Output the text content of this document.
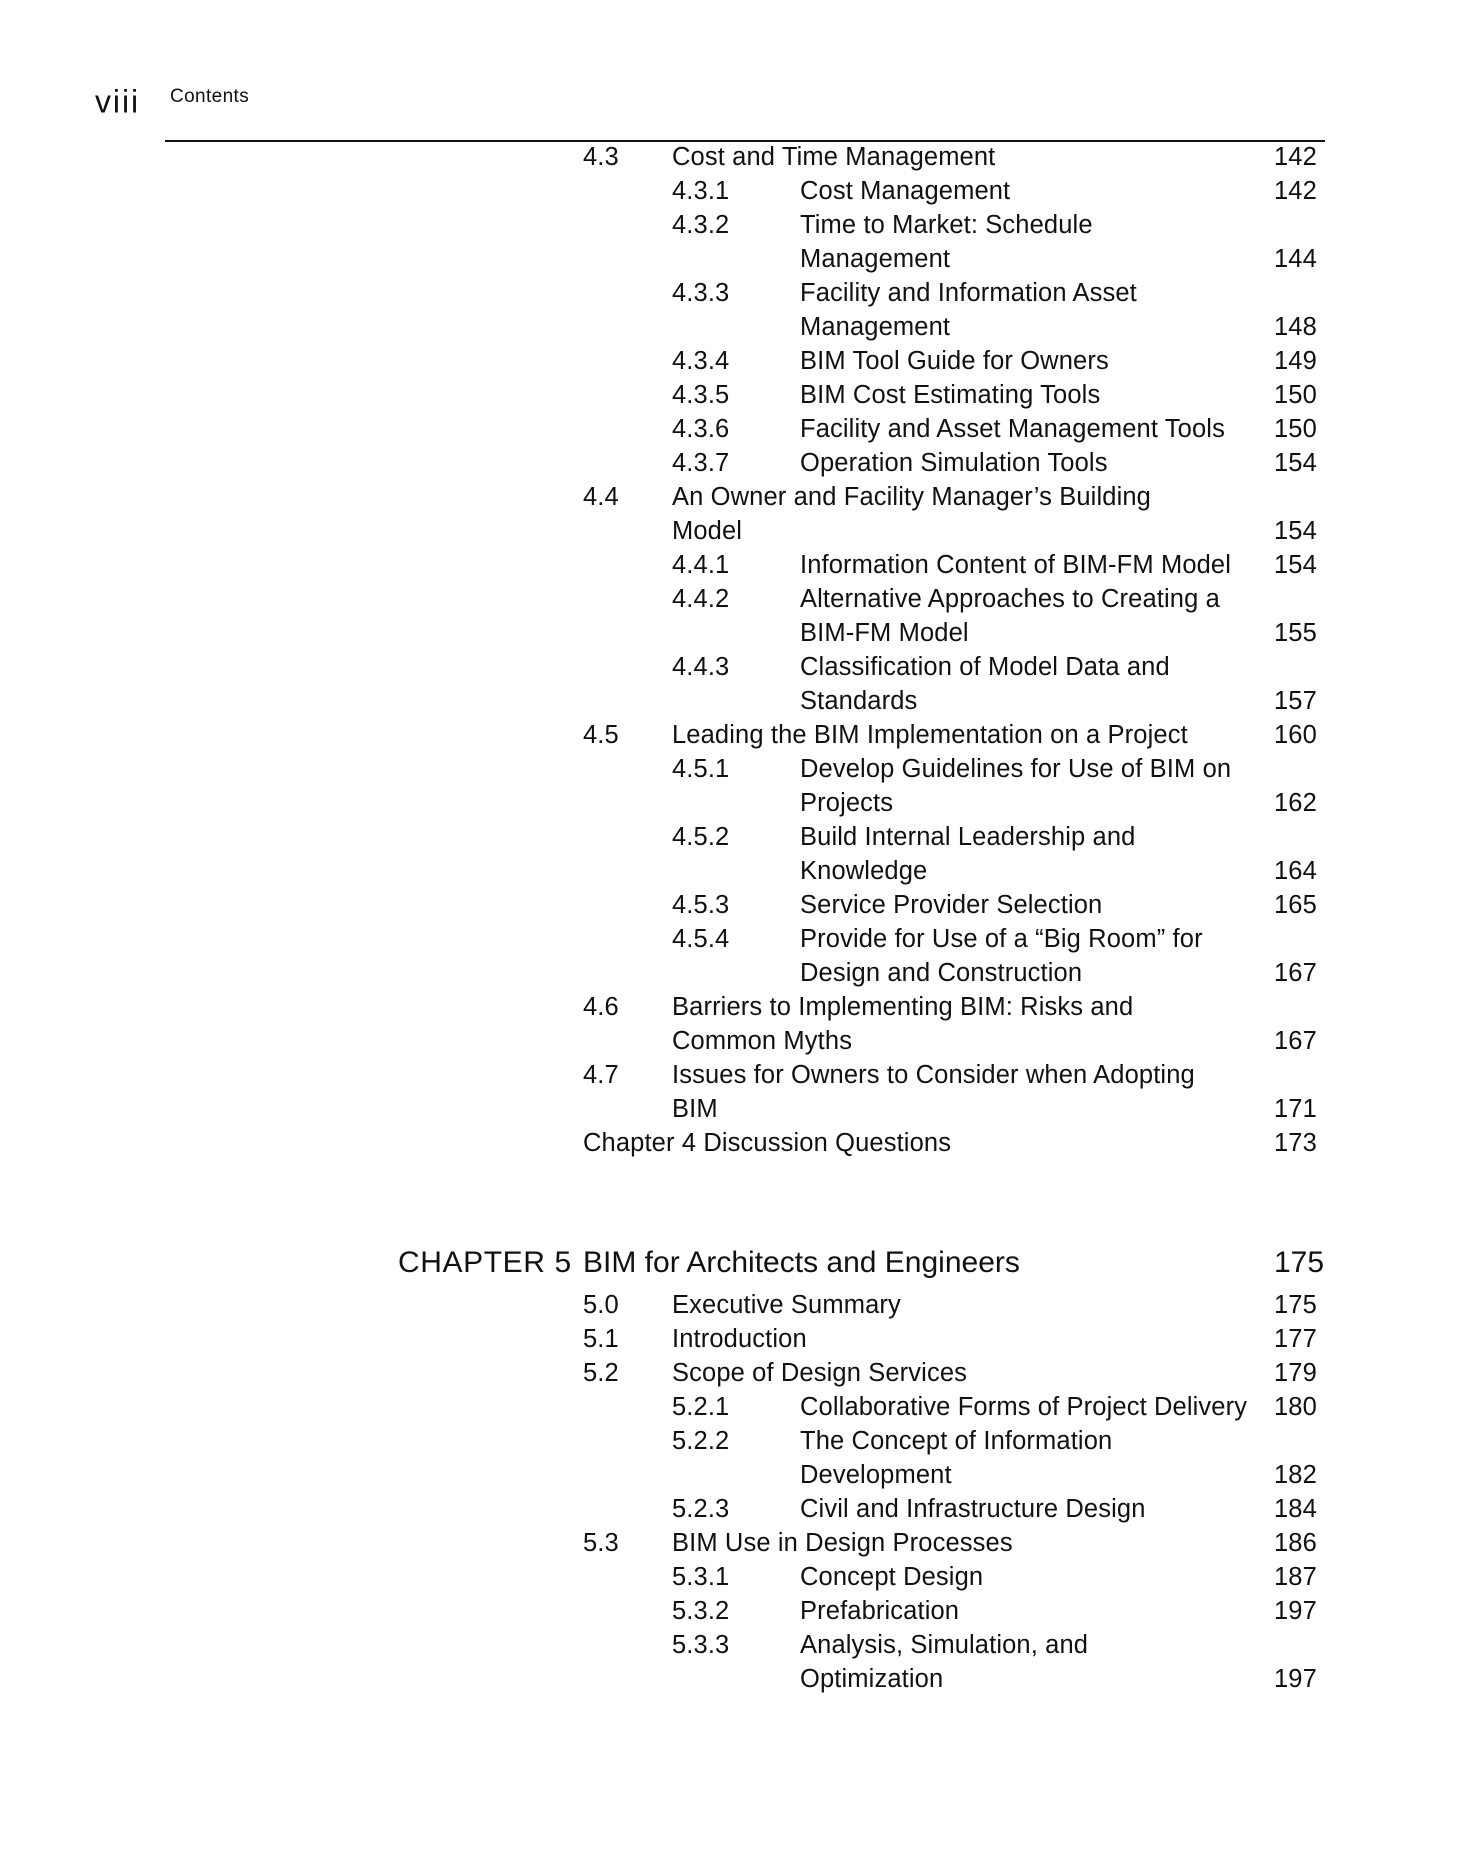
viii Contents
4.3 Cost and Time Management	142
4.3.1	Cost Management	142
4.3.2	Time to Market: Schedule
Management	144
4.3.3	Facility and Information Asset
Management	148
4.3.4	BIM Tool Guide for Owners	149
4.3.5	BIM Cost Estimating Tools	150
4.3.6	Facility and Asset Management Tools 150
4.3.7	Operation Simulation Tools	154
4.4 An Owner and Facility Manager’s Building
Model	154
4.4.1	Information Content of BIM-FM Model 154
4.4.2	Alternative Approaches to Creating a
BIM-FM Model	155
4.4.3	Classification of Model Data and
Standards	157
4.5 Leading the BIM Implementation on a Project	160
4.5.1	Develop Guidelines for Use of BIM on
Projects	162
4.5.2	Build Internal Leadership and
Knowledge	164
4.5.3	Service Provider Selection	165
4.5.4	Provide for Use of a “Big Room” for
Design and Construction	167
4.6 Barriers to Implementing BIM: Risks and
Common Myths	167
4.7 Issues for Owners to Consider when Adopting
BIM	171
Chapter 4 Discussion Questions	173
CHAPTER 5 BIM for Architects and Engineers	175
5.0 Executive Summary	175
5.1 Introduction	177
5.2 Scope of Design Services	179
5.2.1	Collaborative Forms of Project Delivery 180
5.2.2	The Concept of Information
Development	182
5.2.3	Civil and Infrastructure Design	184
5.3 BIM Use in Design Processes	186
5.3.1	Concept Design	187
5.3.2	Prefabrication	197
5.3.3	Analysis, Simulation, and
Optimization	197
